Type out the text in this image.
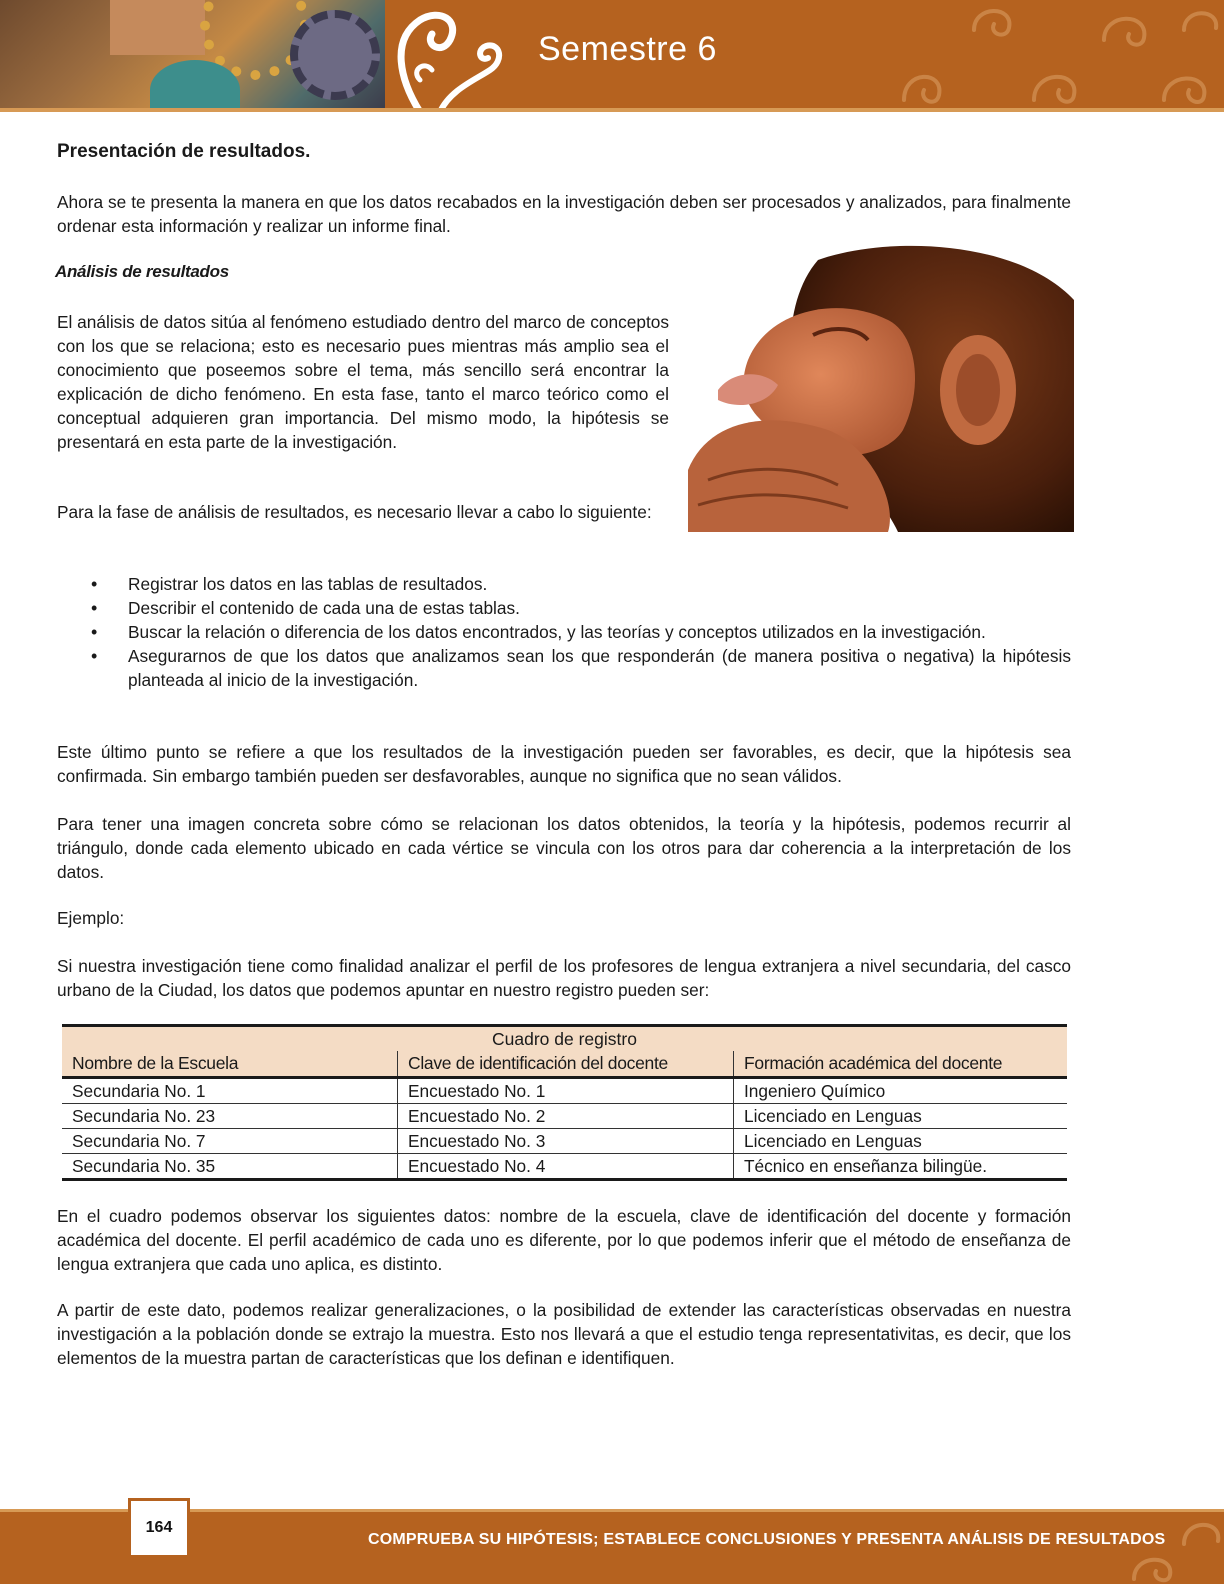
Semestre 6
Presentación de resultados.

Ahora se te presenta la manera en que los datos recabados en la investigación deben ser procesados y analizados, para finalmente ordenar esta información y realizar un informe final.

Análisis de resultados

El análisis de datos sitúa al fenómeno estudiado dentro del marco de conceptos con los que se relaciona; esto es necesario pues mientras más amplio sea el conocimiento que poseemos sobre el tema, más sencillo será encontrar la explicación de dicho fenómeno. En esta fase, tanto el marco teórico como el conceptual adquieren gran importancia. Del mismo modo, la hipótesis se presentará en esta parte de la investigación.

Para la fase de análisis de resultados, es necesario llevar a cabo lo siguiente:

• Registrar los datos en las tablas de resultados.
• Describir el contenido de cada una de estas tablas.
• Buscar la relación o diferencia de los datos encontrados, y las teorías y conceptos utilizados en la investigación.
• Asegurarnos de que los datos que analizamos sean los que responderán (de manera positiva o negativa) la hipótesis planteada al inicio de la investigación.

Este último punto se refiere a que los resultados de la investigación pueden ser favorables, es decir, que la hipótesis sea confirmada. Sin embargo también pueden ser desfavorables, aunque no significa que no sean válidos.

Para tener una imagen concreta sobre cómo se relacionan los datos obtenidos, la teoría y la hipótesis, podemos recurrir al triángulo, donde cada elemento ubicado en cada vértice se vincula con los otros para dar coherencia a la interpretación de los datos.

Ejemplo:

Si nuestra investigación tiene como finalidad analizar el perfil de los profesores de lengua extranjera a nivel secundaria, del casco urbano de la Ciudad, los datos que podemos apuntar en nuestro registro pueden ser:

Cuadro de registro		
Nombre de la Escuela	Clave de identificación del docente	Formación académica del docente
Secundaria No. 1	Encuestado No. 1	Ingeniero Químico
Secundaria No. 23	Encuestado No. 2	Licenciado en Lenguas
Secundaria No. 7	Encuestado No. 3	Licenciado en Lenguas
Secundaria No. 35	Encuestado No. 4	Técnico en enseñanza bilingüe.

En el cuadro podemos observar los siguientes datos: nombre de la escuela, clave de identificación del docente y formación académica del docente. El perfil académico de cada uno es diferente, por lo que podemos inferir que el método de enseñanza de lengua extranjera que cada uno aplica, es distinto.

A partir de este dato, podemos realizar generalizaciones, o la posibilidad de extender las características observadas en nuestra investigación a la población donde se extrajo la muestra. Esto nos llevará a que el estudio tenga representativitas, es decir, que los elementos de la muestra partan de características que los definan e identifiquen.

164
COMPRUEBA SU HIPÓTESIS; ESTABLECE CONCLUSIONES Y PRESENTA ANÁLISIS DE RESULTADOS
